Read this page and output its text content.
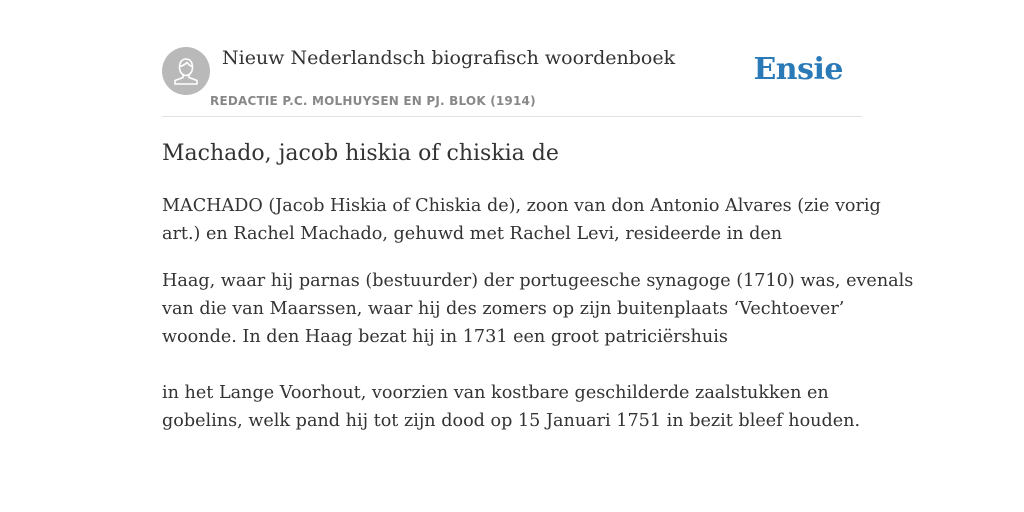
Nieuw Nederlandsch biografisch woordenboek
REDACTIE P.C. MOLHUYSEN EN PJ. BLOK (1914)
Ensie
Machado, jacob hiskia of chiskia de
MACHADO (Jacob Hiskia of Chiskia de), zoon van don Antonio Alvares (zie vorig
art.) en Rachel Machado, gehuwd met Rachel Levi, resideerde in den
Haag, waar hij parnas (bestuurder) der portugeesche synagoge (1710) was, evenals
van die van Maarssen, waar hij des zomers op zijn buitenplaats ‘Vechtoever’
woonde. In den Haag bezat hij in 1731 een groot patriciërshuis
in het Lange Voorhout, voorzien van kostbare geschilderde zaalstukken en
gobelins, welk pand hij tot zijn dood op 15 Januari 1751 in bezit bleef houden.
